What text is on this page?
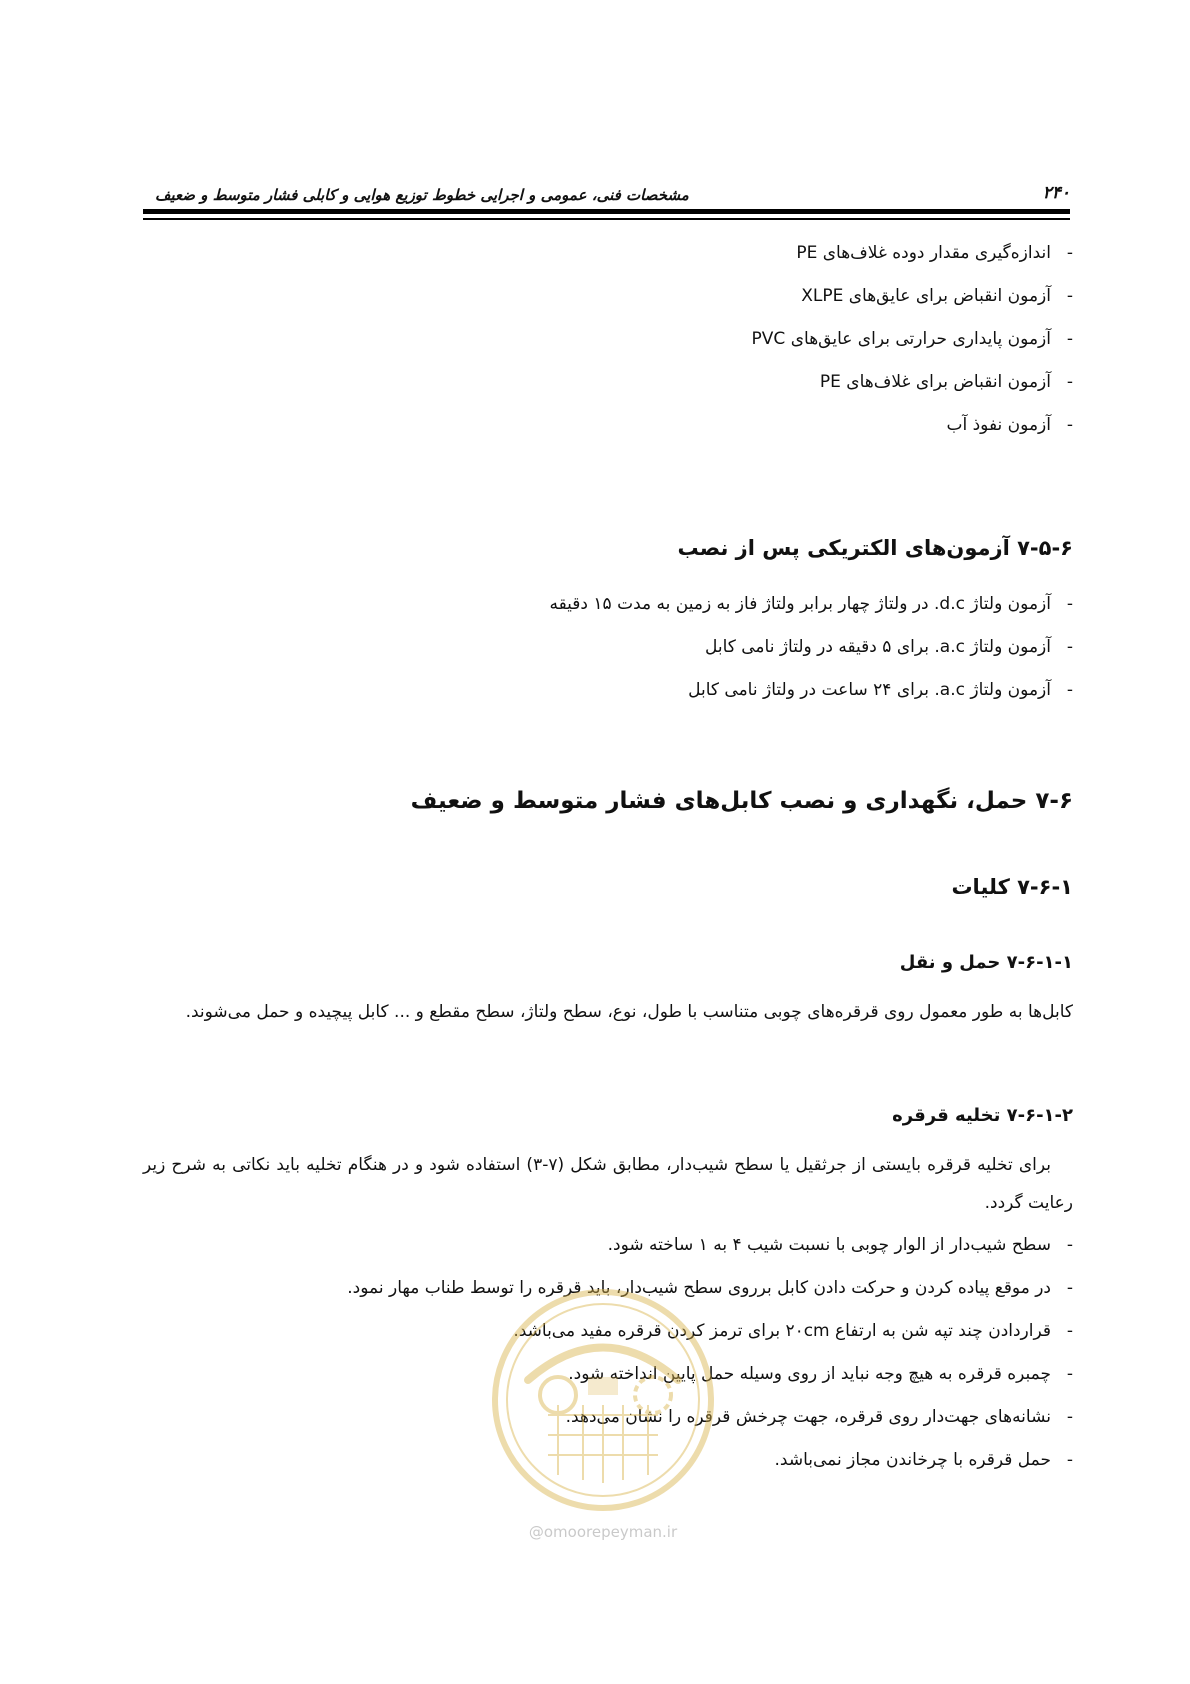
مشخصات فنی، عمومی و اجرایی خطوط توزیع هوایی و کابلی فشار متوسط و ضعیف	۲۴۰
- اندازه‌گیری مقدار دوده غلاف‌های PE
- آزمون انقباض برای عایق‌های XLPE
- آزمون پایداری حرارتی برای عایق‌های PVC
- آزمون انقباض برای غلاف‌های PE
- آزمون نفوذ آب
۷-۵-۶ آزمون‌های الکتریکی پس از نصب
- آزمون ولتاژ d.c. در ولتاژ چهار برابر ولتاژ فاز به زمین به مدت ۱۵ دقیقه
- آزمون ولتاژ a.c. برای ۵ دقیقه در ولتاژ نامی کابل
- آزمون ولتاژ a.c. برای ۲۴ ساعت در ولتاژ نامی کابل
۷-۶ حمل، نگهداری و نصب کابل‌های فشار متوسط و ضعیف
۷-۶-۱ کلیات
۷-۶-۱-۱ حمل و نقل
کابل‌ها به طور معمول روی قرقره‌های چوبی متناسب با طول، نوع، سطح ولتاژ، سطح مقطع و ... کابل پیچیده و حمل می‌شوند.
۷-۶-۱-۲ تخلیه قرقره
برای تخلیه قرقره بایستی از جرثقیل یا سطح شیب‌دار، مطابق شکل (۷-۳) استفاده شود و در هنگام تخلیه باید نکاتی به شرح زیر رعایت گردد.
- سطح شیب‌دار از الوار چوبی با نسبت شیب ۴ به ۱ ساخته شود.
- در موقع پیاده کردن و حرکت دادن کابل برروی سطح شیب‌دار، باید قرقره را توسط طناب مهار نمود.
- قراردادن چند تپه شن به ارتفاع ۲۰cm برای ترمز کردن قرقره مفید می‌باشد.
- چمبره قرقره به هیچ وجه نباید از روی وسیله حمل پایین انداخته شود.
- نشانه‌های جهت‌دار روی قرقره، جهت چرخش قرقره را نشان می‌دهد.
- حمل قرقره با چرخاندن مجاز نمی‌باشد.
@omoorepeyman.ir
